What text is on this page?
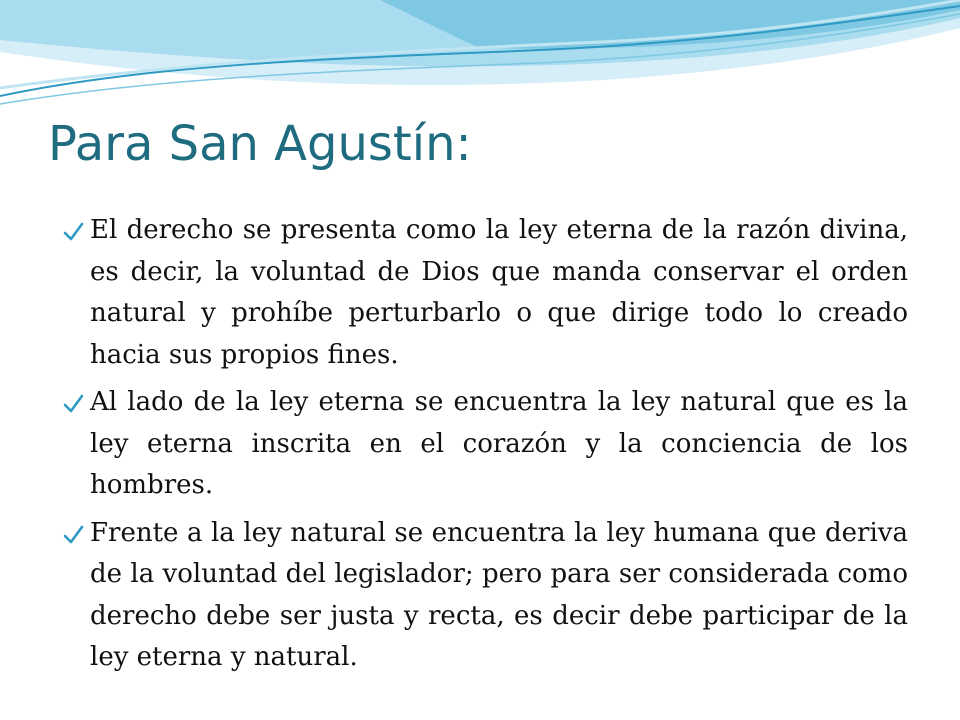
Para San Agustín:
El derecho se presenta como la ley eterna de la razón divina, es decir, la voluntad de Dios que manda conservar el orden natural y prohíbe perturbarlo o que dirige todo lo creado hacia sus propios fines.
Al lado de la ley eterna se encuentra la ley natural que es la ley eterna inscrita en el corazón y la conciencia de los hombres.
Frente a la ley natural se encuentra la ley humana que deriva de la voluntad del legislador; pero para ser considerada como derecho debe ser justa y recta, es decir debe participar de la ley eterna y natural.
